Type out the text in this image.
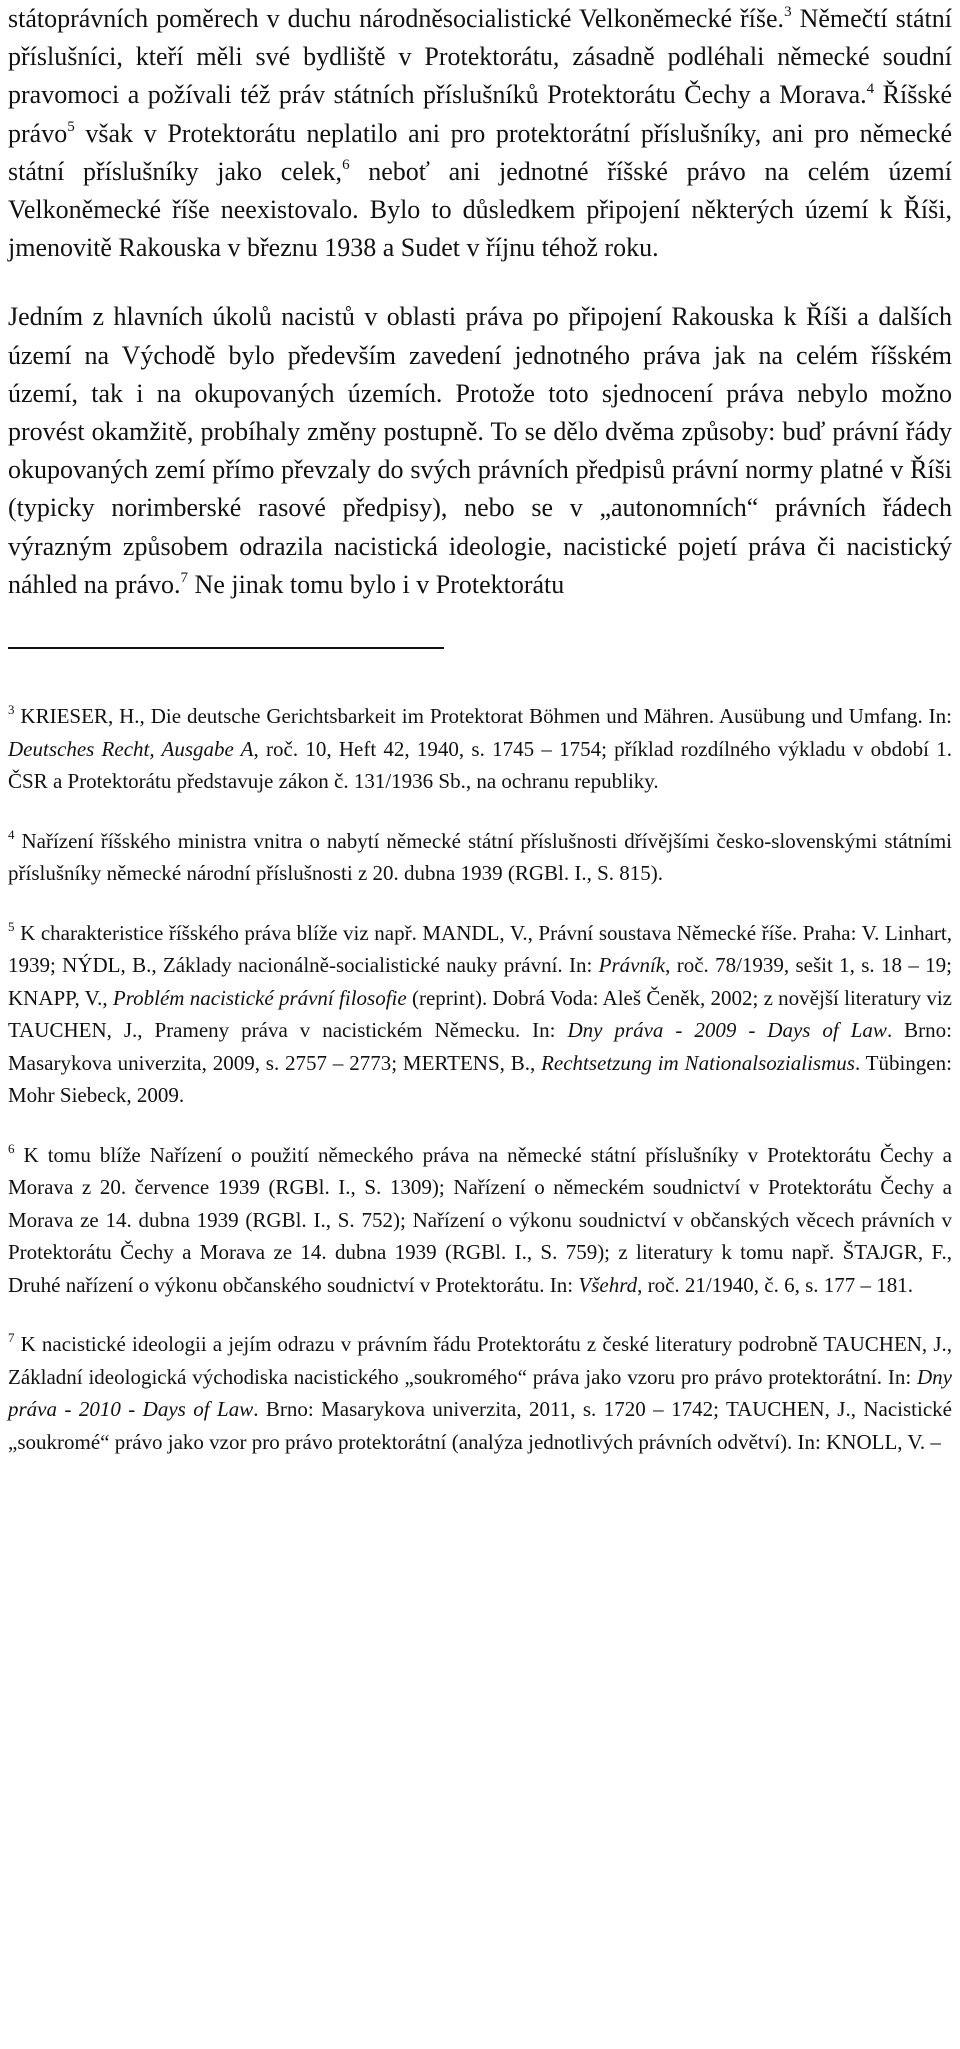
státoprávních poměrech v duchu národněsocialistické Velkoněmecké říše.$^3$ Němečtí státní příslušníci, kteří měli své bydliště v Protektorátu, zásadně podléhali německé soudní pravomoci a požívali též práv státních příslušníků Protektorátu Čechy a Morava.$^4$ Říšské právo$^5$ však v Protektorátu neplatilo ani pro protektorátní příslušníky, ani pro německé státní příslušníky jako celek,$^6$ neboť ani jednotné říšské právo na celém území Velkoněmecké říše neexistovalo. Bylo to důsledkem připojení některých území k Říši, jmenovitě Rakouska v březnu 1938 a Sudet v říjnu téhož roku.

Jedním z hlavních úkolů nacistů v oblasti práva po připojení Rakouska k Říši a dalších území na Východě bylo především zavedení jednotného práva jak na celém říšském území, tak i na okupovaných územích. Protože toto sjednocení práva nebylo možno provést okamžitě, probíhaly změny postupně. To se dělo dvěma způsoby: buď právní řády okupovaných zemí přímo převzaly do svých právních předpisů právní normy platné v Říši (typicky norimberské rasové předpisy), nebo se v „autonomních“ právních řádech výrazným způsobem odrazila nacistická ideologie, nacistické pojetí práva či nacistický náhled na právo.$^7$ Ne jinak tomu bylo i v Protektorátu

$^3$ KRIESER, H., Die deutsche Gerichtsbarkeit im Protektorat Böhmen und Mähren. Ausübung und Umfang. In: Deutsches Recht, Ausgabe A, roč. 10, Heft 42, 1940, s. 1745 – 1754; příklad rozdílného výkladu v období 1. ČSR a Protektorátu představuje zákon č. 131/1936 Sb., na ochranu republiky.

$^4$ Nařízení říšského ministra vnitra o nabytí německé státní příslušnosti dřívějšími česko-slovenskými státními příslušníky německé národní příslušnosti z 20. dubna 1939 (RGBl. I., S. 815).

$^5$ K charakteristice říšského práva blíže viz např. MANDL, V., Právní soustava Německé říše. Praha: V. Linhart, 1939; NÝDL, B., Základy nacionálně-socialistické nauky právní. In: Právník, roč. 78/1939, sešit 1, s. 18 – 19; KNAPP, V., Problém nacistické právní filosofie (reprint). Dobrá Voda: Aleš Čeněk, 2002; z novější literatury viz TAUCHEN, J., Prameny práva v nacistickém Německu. In: Dny práva - 2009 - Days of Law. Brno: Masarykova univerzita, 2009, s. 2757 – 2773; MERTENS, B., Rechtsetzung im Nationalsozialismus. Tübingen: Mohr Siebeck, 2009.

$^6$ K tomu blíže Nařízení o použití německého práva na německé státní příslušníky v Protektorátu Čechy a Morava z 20. července 1939 (RGBl. I., S. 1309); Nařízení o německém soudnictví v Protektorátu Čechy a Morava ze 14. dubna 1939 (RGBl. I., S. 752); Nařízení o výkonu soudnictví v občanských věcech právních v Protektorátu Čechy a Morava ze 14. dubna 1939 (RGBl. I., S. 759); z literatury k tomu např. ŠTAJGR, F., Druhé nařízení o výkonu občanského soudnictví v Protektorátu. In: Všehrd, roč. 21/1940, č. 6, s. 177 – 181.

$^7$ K nacistické ideologii a jejím odrazu v právním řádu Protektorátu z české literatury podrobně TAUCHEN, J., Základní ideologická východiska nacistického „soukromého“ práva jako vzoru pro právo protektorátní. In: Dny práva - 2010 - Days of Law. Brno: Masarykova univerzita, 2011, s. 1720 – 1742; TAUCHEN, J., Nacistické „soukromé“ právo jako vzor pro právo protektorátní (analýza jednotlivých právních odvětví). In: KNOLL, V. –
